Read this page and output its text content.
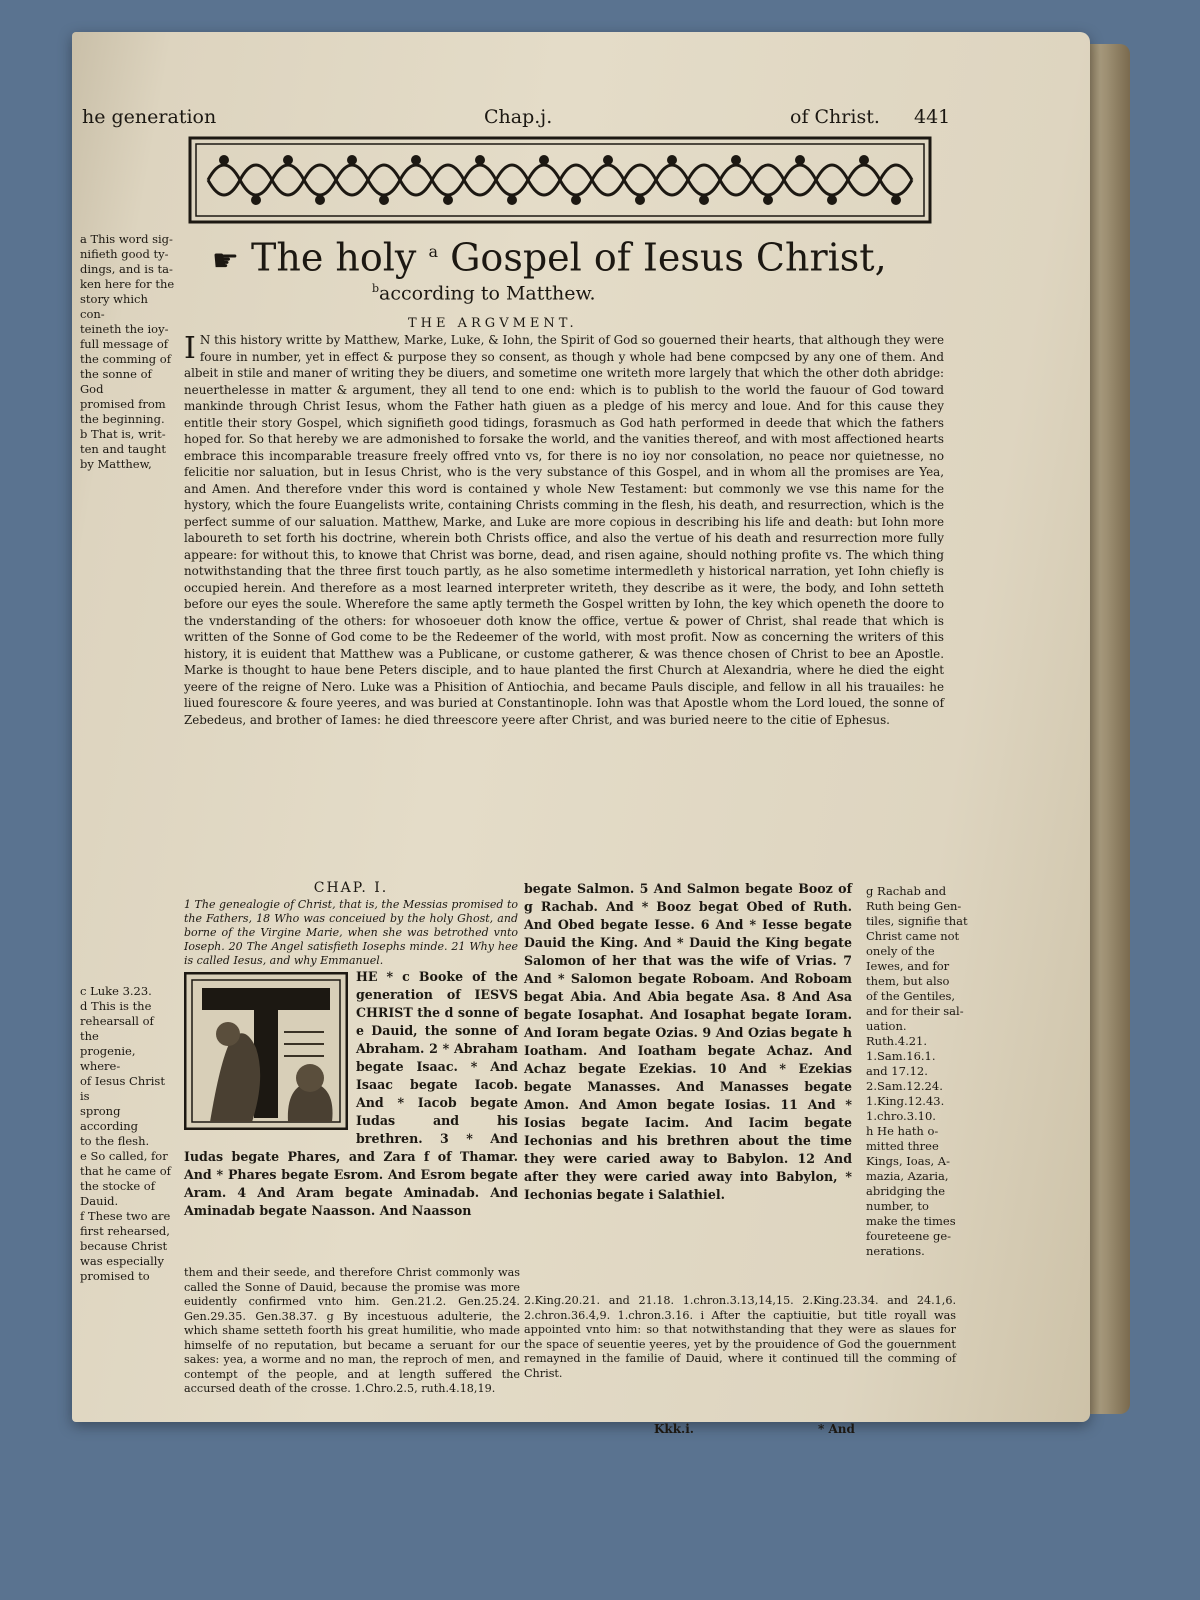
he generation	Chap.j.	of Christ. 441
☛ The holy $^a$ Gospel of Iesus Christ,
$^b$according to Matthew.
THE ARGVMENT.
I N this history writte by Matthew, Marke, Luke, & Iohn, the Spirit of God so gouerned their hearts, that although they were foure in number, yet in effect & purpose they so consent, as though y whole had bene compcsed by any one of them. And albeit in stile and maner of writing they be diuers, and sometime one writeth more largely that which the other doth abridge: neuerthelesse in matter & argument, they all tend to one end: which is to publish to the world the fauour of God toward mankinde through Christ Iesus, whom the Father hath giuen as a pledge of his mercy and loue. And for this cause they entitle their story Gospel, which signifieth good tidings, forasmuch as God hath performed in deede that which the fathers hoped for. So that hereby we are admonished to forsake the world, and the vanities thereof, and with most affectioned hearts embrace this incomparable treasure freely offred vnto vs, for there is no ioy nor consolation, no peace nor quietnesse, no felicitie nor saluation, but in Iesus Christ, who is the very substance of this Gospel, and in whom all the promises are Yea, and Amen. And therefore vnder this word is contained y whole New Testament: but commonly we vse this name for the hystory, which the foure Euangelists write, containing Christs comming in the flesh, his death, and resurrection, which is the perfect summe of our saluation. Matthew, Marke, and Luke are more copious in describing his life and death: but Iohn more laboureth to set forth his doctrine, wherein both Christs office, and also the vertue of his death and resurrection more fully appeare: for without this, to knowe that Christ was borne, dead, and risen againe, should nothing profite vs. The which thing notwithstanding that the three first touch partly, as he also sometime intermedleth y historical narration, yet Iohn chiefly is occupied herein. And therefore as a most learned interpreter writeth, they describe as it were, the body, and Iohn setteth before our eyes the soule. Wherefore the same aptly termeth the Gospel written by Iohn, the key which openeth the doore to the vnderstanding of the others: for whosoeuer doth know the office, vertue & power of Christ, shal reade that which is written of the Sonne of God come to be the Redeemer of the world, with most profit. Now as concerning the writers of this history, it is euident that Matthew was a Publicane, or custome gatherer, & was thence chosen of Christ to bee an Apostle. Marke is thought to haue bene Peters disciple, and to haue planted the first Church at Alexandria, where he died the eight yeere of the reigne of Nero. Luke was a Phisition of Antiochia, and became Pauls disciple, and fellow in all his trauailes: he liued fourescore & foure yeeres, and was buried at Constantinople. Iohn was that Apostle whom the Lord loued, the sonne of Zebedeus, and brother of Iames: he died threescore yeere after Christ, and was buried neere to the citie of Ephesus.
a This word sig-
nifieth good ty-
dings, and is ta-
ken here for the
story which con-
teineth the ioy-
full message of
the comming of
the sonne of God
promised from
the beginning.
b That is, writ-
ten and taught
by Matthew,
c Luke 3.23.
d This is the
rehearsall of the
progenie, where-
of Iesus Christ is
sprong according
to the flesh.
e So called, for
that he came of
the stocke of
Dauid.
f These two are
first rehearsed,
because Christ
was especially
promised to
CHAP. I.
1 The genealogie of Christ, that is, the Messias promised to the Fathers, 18 Who was conceiued by the holy Ghost, and borne of the Virgine Marie, when she was betrothed vnto Ioseph. 20 The Angel satisfieth Iosephs minde. 21 Why hee is called Iesus, and why Emmanuel.
HE * c Booke of the generation of IESVS CHRIST the d sonne of e Dauid, the sonne of Abraham. 2 * Abraham begate Isaac. * And Isaac begate Iacob. And * Iacob begate Iudas and his brethren. 3 * And Iudas begate Phares, and Zara f of Thamar. And * Phares begate Esrom. And Esrom begate Aram. 4 And Aram begate Aminadab. And Aminadab begate Naasson. And Naasson
begate Salmon. 5 And Salmon begate Booz of g Rachab. And * Booz begat Obed of Ruth. And Obed begate Iesse. 6 And * Iesse begate Dauid the King. And * Dauid the King begate Salomon of her that was the wife of Vrias. 7 And * Salomon begate Roboam. And Roboam begat Abia. And Abia begate Asa. 8 And Asa begate Iosaphat. And Iosaphat begate Ioram. And Ioram begate Ozias. 9 And Ozias begate h Ioatham. And Ioatham begate Achaz. And Achaz begate Ezekias. 10 And * Ezekias begate Manasses. And Manasses begate Amon. And Amon begate Iosias. 11 And * Iosias begate Iacim. And Iacim begate Iechonias and his brethren about the time they were caried away to Babylon. 12 And after they were caried away into Babylon, * Iechonias begate i Salathiel.
them and their seede, and therefore Christ commonly was called the Sonne of Dauid, because the promise was more euidently confirmed vnto him. Gen.21.2. Gen.25.24. Gen.29.35. Gen.38.37. g By incestuous adulterie, the which shame setteth foorth his great humilitie, who made himselfe of no reputation, but became a seruant for our sakes: yea, a worme and no man, the reproch of men, and contempt of the people, and at length suffered the accursed death of the crosse. 1.Chro.2.5, ruth.4.18,19.
2.King.20.21. and 21.18. 1.chron.3.13,14,15. 2.King.23.34. and 24.1,6. 2.chron.36.4,9. 1.chron.3.16. i After the captiuitie, but title royall was appointed vnto him: so that notwithstanding that they were as slaues for the space of seuentie yeeres, yet by the prouidence of God the gouernment remayned in the familie of Dauid, where it continued till the comming of Christ.
g Rachab and
Ruth being Gen-
tiles, signifie that
Christ came not
onely of the
Iewes, and for
them, but also
of the Gentiles,
and for their sal-
uation.
Ruth.4.21.
1.Sam.16.1.
and 17.12.
2.Sam.12.24.
1.King.12.43.
1.chro.3.10.
h He hath o-
mitted three
Kings, Ioas, A-
mazia, Azaria,
abridging the
number, to
make the times
foureteene ge-
nerations.
Kkk.i.	* And
